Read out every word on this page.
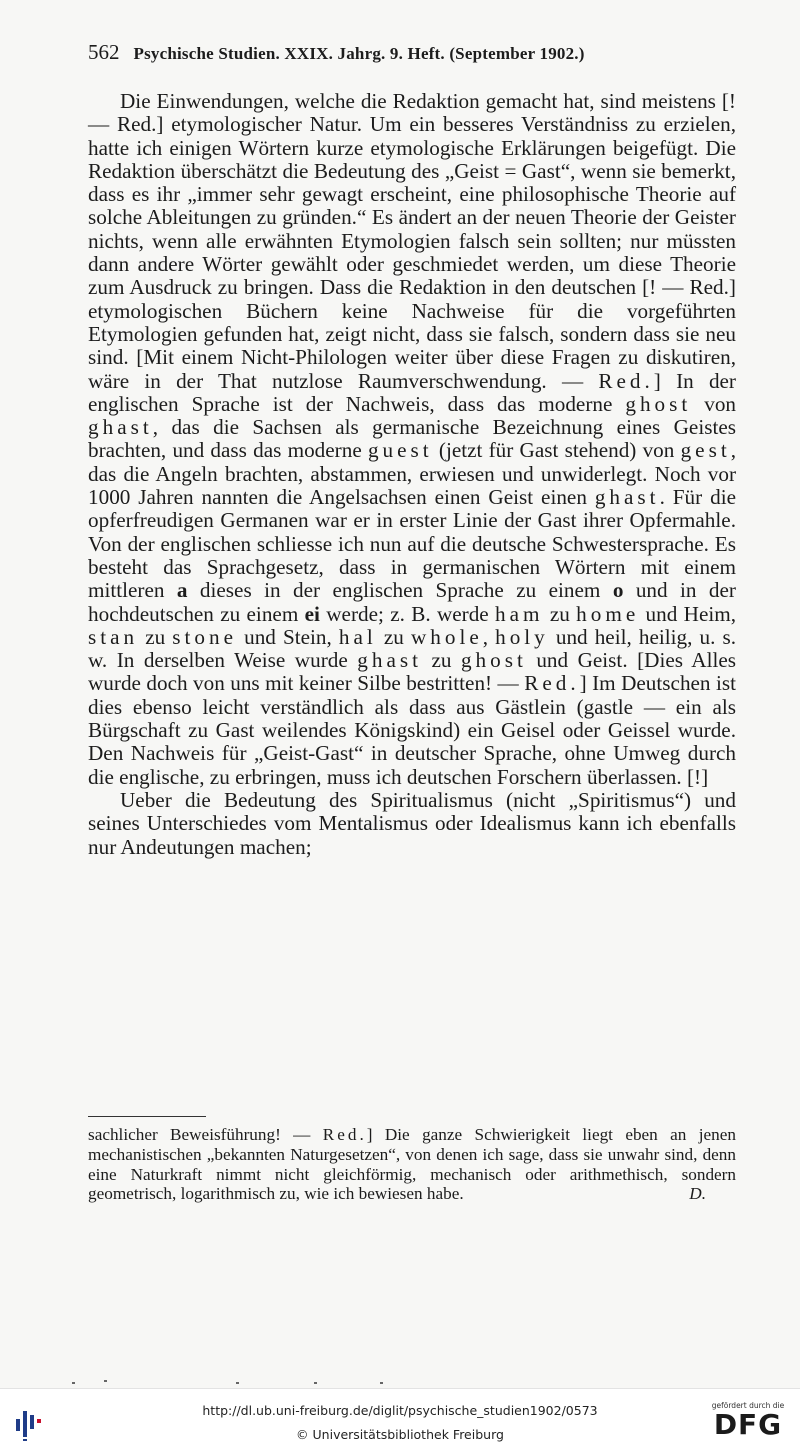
562 Psychische Studien. XXIX. Jahrg. 9. Heft. (September 1902.)

Die Einwendungen, welche die Redaktion gemacht hat, sind meistens [!— Red.] etymologischer Natur. Um ein besseres Verständniss zu erzielen, hatte ich einigen Wörtern kurze etymologische Erklärungen beigefügt. Die Redaktion überschätzt die Bedeutung des „Geist = Gast“, wenn sie bemerkt, dass es ihr „immer sehr gewagt erscheint, eine philosophische Theorie auf solche Ableitungen zu gründen.“ Es ändert an der neuen Theorie der Geister nichts, wenn alle erwähnten Etymologien falsch sein sollten; nur müssten dann andere Wörter gewählt oder geschmiedet werden, um diese Theorie zum Ausdruck zu bringen. Dass die Redaktion in den deutschen [! — Red.] etymologischen Büchern keine Nachweise für die vorgeführten Etymologien gefunden hat, zeigt nicht, dass sie falsch, sondern dass sie neu sind. [Mit einem Nicht-Philologen weiter über diese Fragen zu diskutiren, wäre in der That nutzlose Raumverschwendung. — Red.] In der englischen Sprache ist der Nachweis, dass das moderne ghost von ghast, das die Sachsen als germanische Bezeichnung eines Geistes brachten, und dass das moderne guest (jetzt für Gast stehend) von gest, das die Angeln brachten, abstammen, erwiesen und unwiderlegt. Noch vor 1000 Jahren nannten die Angelsachsen einen Geist einen ghast. Für die opferfreudigen Germanen war er in erster Linie der Gast ihrer Opfermahle. Von der englischen schliesse ich nun auf die deutsche Schwestersprache. Es besteht das Sprachgesetz, dass in germanischen Wörtern mit einem mittleren a dieses in der englischen Sprache zu einem o und in der hochdeutschen zu einem ei werde; z. B. werde ham zu home und Heim, stan zu stone und Stein, hal zu whole, holy und heil, heilig, u. s. w. In derselben Weise wurde ghast zu ghost und Geist. [Dies Alles wurde doch von uns mit keiner Silbe bestritten! — Red.] Im Deutschen ist dies ebenso leicht verständlich als dass aus Gästlein (gastle — ein als Bürgschaft zu Gast weilendes Königskind) ein Geisel oder Geissel wurde. Den Nachweis für „Geist-Gast“ in deutscher Sprache, ohne Umweg durch die englische, zu erbringen, muss ich deutschen Forschern überlassen. [!]

Ueber die Bedeutung des Spiritualismus (nicht „Spiritismus“) und seines Unterschiedes vom Mentalismus oder Idealismus kann ich ebenfalls nur Andeutungen machen;

sachlicher Beweisführung! — Red.] Die ganze Schwierigkeit liegt eben an jenen mechanistischen „bekannten Naturgesetzen“, von denen ich sage, dass sie unwahr sind, denn eine Naturkraft nimmt nicht gleichförmig, mechanisch oder arithmethisch, sondern geometrisch, logarithmisch zu, wie ich bewiesen habe.	D.
http://dl.ub.uni-freiburg.de/diglit/psychische_studien1902/0573
© Universitätsbibliothek Freiburg
gefördert durch die
DFG
